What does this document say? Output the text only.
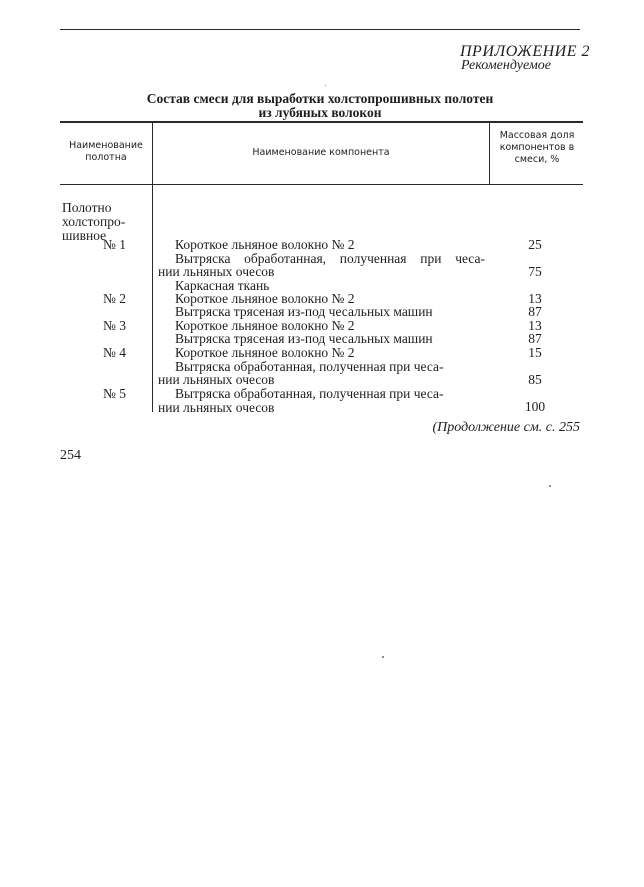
ПРИЛОЖЕНИЕ 2
Рекомендуемое
Состав смеси для выработки холстопрошивных полотен
из лубяных волокон
Наименование полотна	Наименование компонента
Массовая доля компонентов в смеси, %
Полотно
холстопро-
шивное
№ 1	Короткое льняное волокно № 2	25
Вытряска обработанная, полученная при чеса-
нии льняных очесов	75
Каркасная ткань
№ 2	Короткое льняное волокно № 2	13
Вытряска трясеная из-под чесальных машин	87
№ 3	Короткое льняное волокно № 2	13
Вытряска трясеная из-под чесальных машин	87
№ 4	Короткое льняное волокно № 2	15
Вытряска обработанная, полученная при чеса-
нии льняных очесов	85
№ 5	Вытряска обработанная, полученная при чеса-
нии льняных очесов	100
(Продолжение см. с. 255
254
